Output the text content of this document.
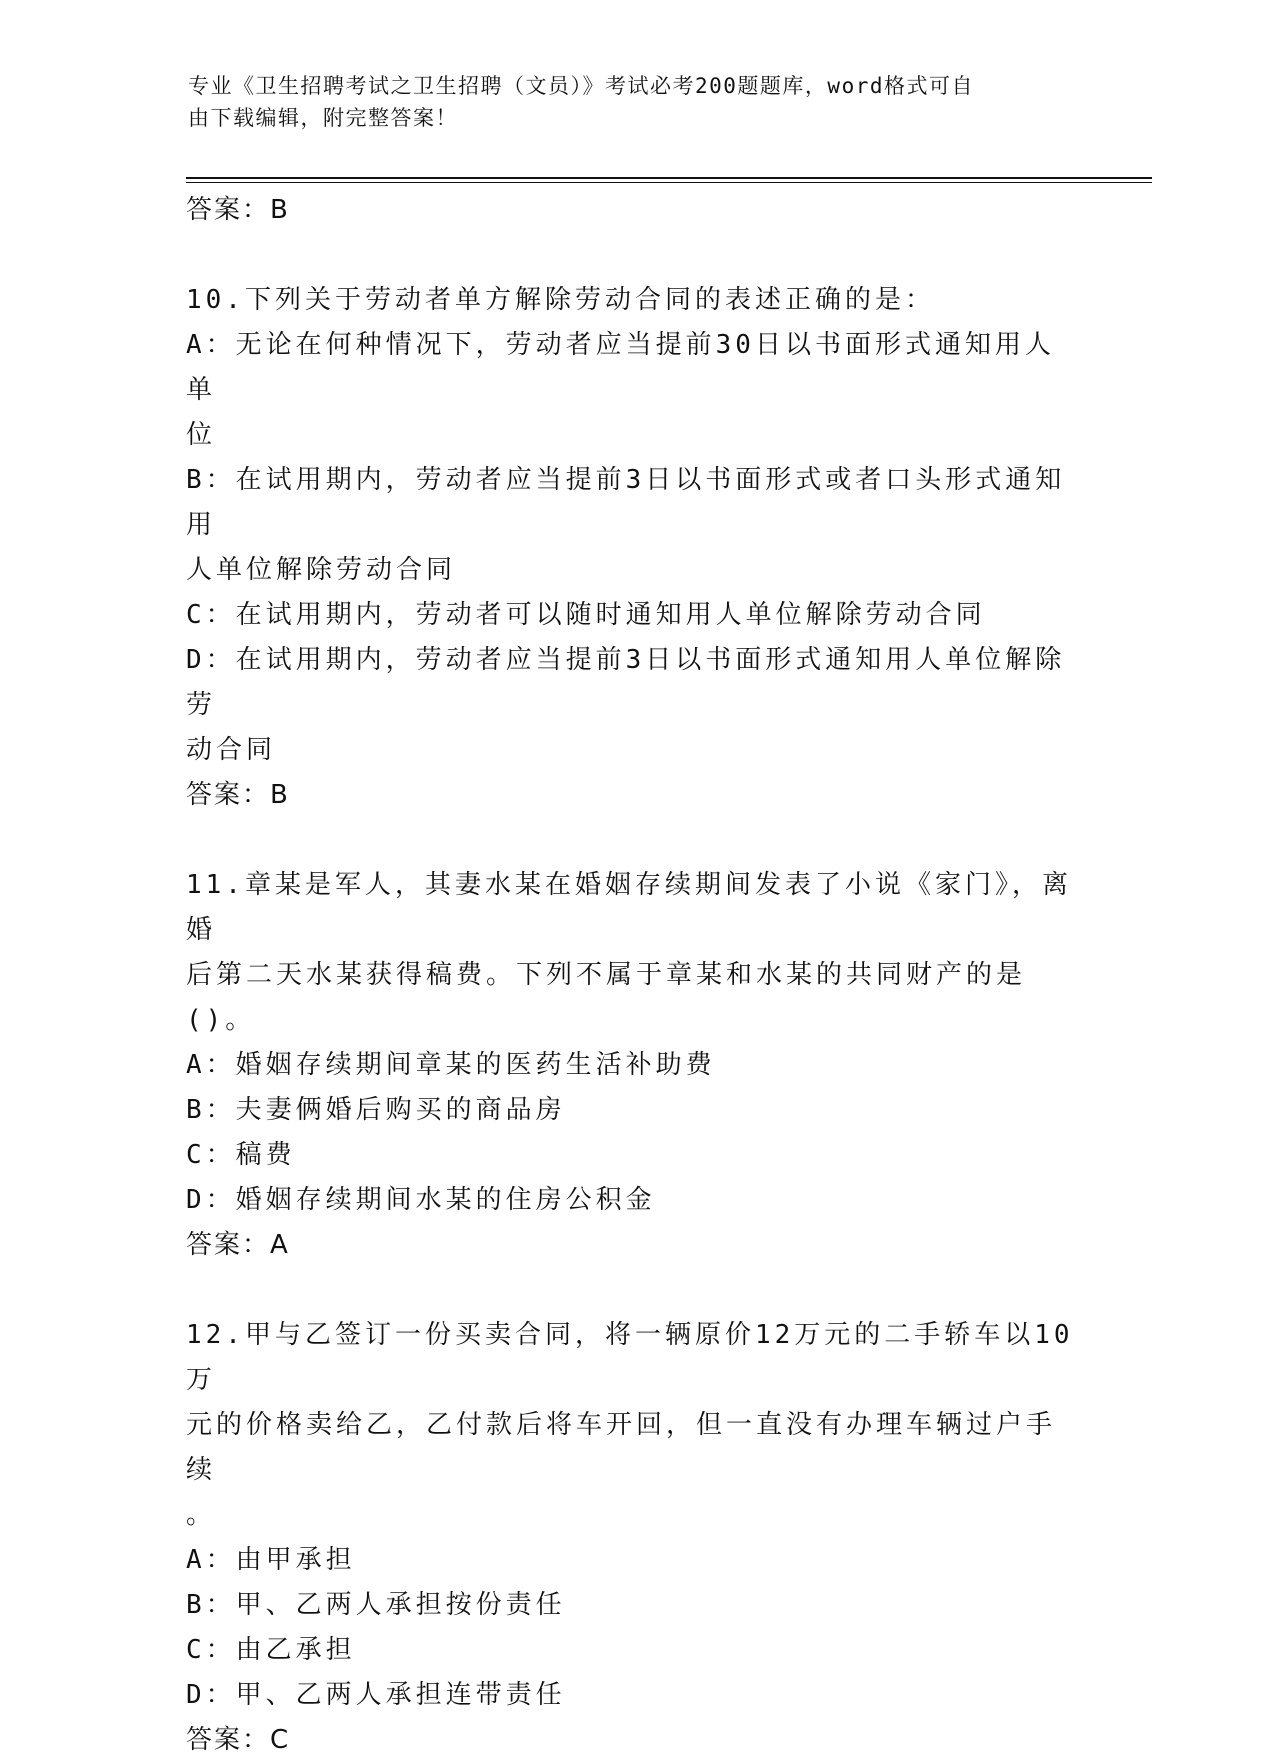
专业《卫生招聘考试之卫生招聘（文员）》考试必考200题题库，word格式可自
由下载编辑，附完整答案！
答案：B
10.下列关于劳动者单方解除劳动合同的表述正确的是：
A：无论在何种情况下，劳动者应当提前30日以书面形式通知用人单
位
B：在试用期内，劳动者应当提前3日以书面形式或者口头形式通知用
人单位解除劳动合同
C：在试用期内，劳动者可以随时通知用人单位解除劳动合同
D：在试用期内，劳动者应当提前3日以书面形式通知用人单位解除劳
动合同
答案：B
11.章某是军人，其妻水某在婚姻存续期间发表了小说《家门》，离婚
后第二天水某获得稿费。下列不属于章某和水某的共同财产的是()。
A：婚姻存续期间章某的医药生活补助费
B：夫妻俩婚后购买的商品房
C：稿费
D：婚姻存续期间水某的住房公积金
答案：A
12.甲与乙签订一份买卖合同，将一辆原价12万元的二手轿车以10万
元的价格卖给乙，乙付款后将车开回，但一直没有办理车辆过户手续
。
A：由甲承担
B：甲、乙两人承担按份责任
C：由乙承担
D：甲、乙两人承担连带责任
答案：C
